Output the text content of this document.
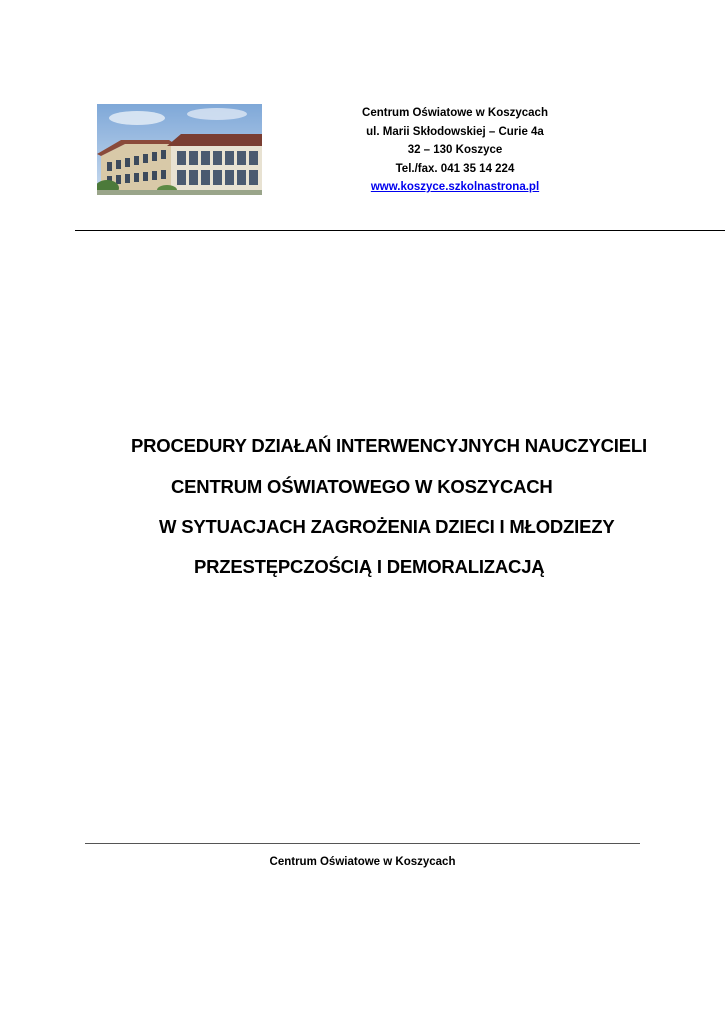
Centrum Oświatowe w Koszycach
ul. Marii Skłodowskiej – Curie 4a
32 – 130 Koszyce
Tel./fax. 041 35 14 224
www.koszyce.szkolnastrona.pl
PROCEDURY DZIAŁAŃ INTERWENCYJNYCH NAUCZYCIELI
CENTRUM OŚWIATOWEGO W KOSZYCACH
W SYTUACJACH ZAGROŻENIA DZIECI I MŁODZIEZY
PRZESTĘPCZOŚCIĄ I DEMORALIZACJĄ
Centrum Oświatowe w Koszycach
